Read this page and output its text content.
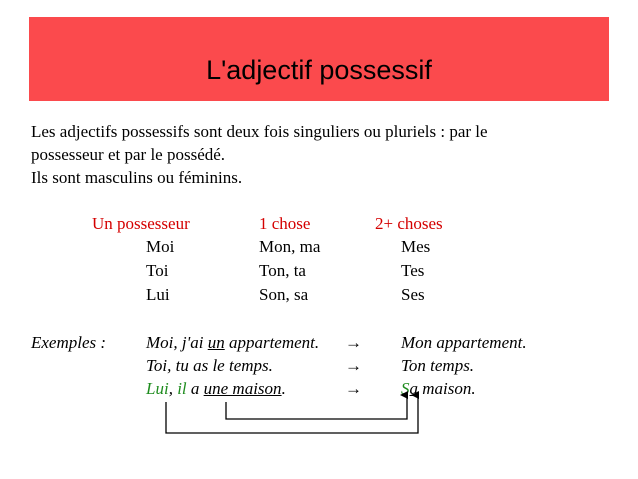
L'adjectif possessif
Les adjectifs possessifs sont deux fois singuliers ou pluriels : par le
possesseur et par le possédé.
Ils sont masculins ou féminins.
Un possesseur	1 chose	2+ choses
Moi	Mon, ma	Mes
Toi	Ton, ta	Tes
Lui	Son, sa	Ses
Exemples : Moi, j'ai un appartement. → Mon appartement.
Toi, tu as le temps.	→ Ton temps.
Lui, il a une maison.	→ Sa maison.
